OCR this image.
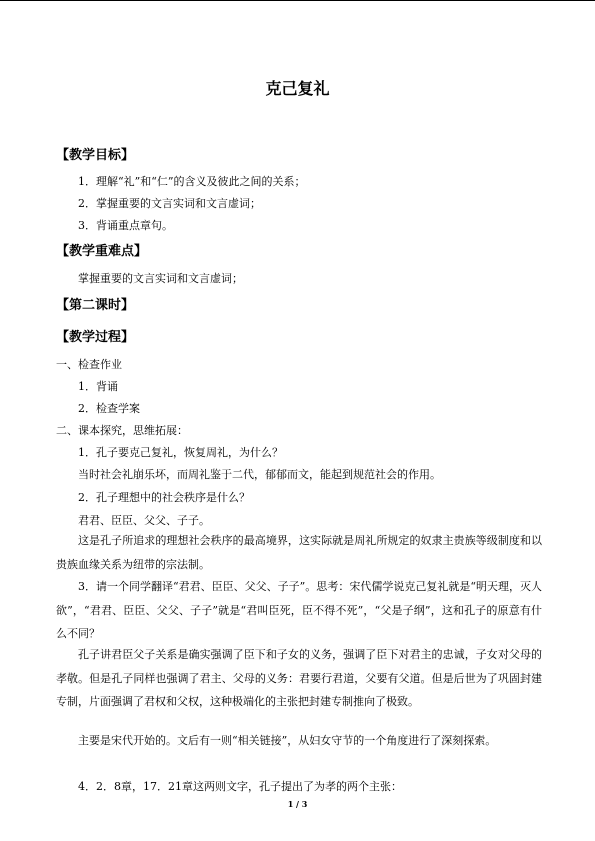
克己复礼
【教学目标】
1．理解“礼”和“仁”的含义及彼此之间的关系；
2．掌握重要的文言实词和文言虚词；
3．背诵重点章句。
【教学重难点】
掌握重要的文言实词和文言虚词；
【第二课时】
【教学过程】
一、检查作业
1．背诵
2．检查学案
二、课本探究，思维拓展：
1．孔子要克己复礼，恢复周礼，为什么？
当时社会礼崩乐坏，而周礼鉴于二代，郁郁而文，能起到规范社会的作用。
2．孔子理想中的社会秩序是什么？
君君、臣臣、父父、子子。
这是孔子所追求的理想社会秩序的最高境界，这实际就是周礼所规定的奴隶主贵族等级制度和以贵族血缘关系为纽带的宗法制。
3．请一个同学翻译“君君、臣臣、父父、子子”。思考：宋代儒学说克己复礼就是“明天理，灭人欲”，“君君、臣臣、父父、子子”就是“君叫臣死，臣不得不死”，“父是子纲”，这和孔子的原意有什么不同？
孔子讲君臣父子关系是确实强调了臣下和子女的义务，强调了臣下对君主的忠诚，子女对父母的孝敬。但是孔子同样也强调了君主、父母的义务：君要行君道，父要有父道。但是后世为了巩固封建专制，片面强调了君权和父权，这种极端化的主张把封建专制推向了极致。
主要是宋代开始的。文后有一则“相关链接”，从妇女守节的一个角度进行了深刻探索。
4．2．8章，17．21章这两则文字，孔子提出了为孝的两个主张：
1 / 3
